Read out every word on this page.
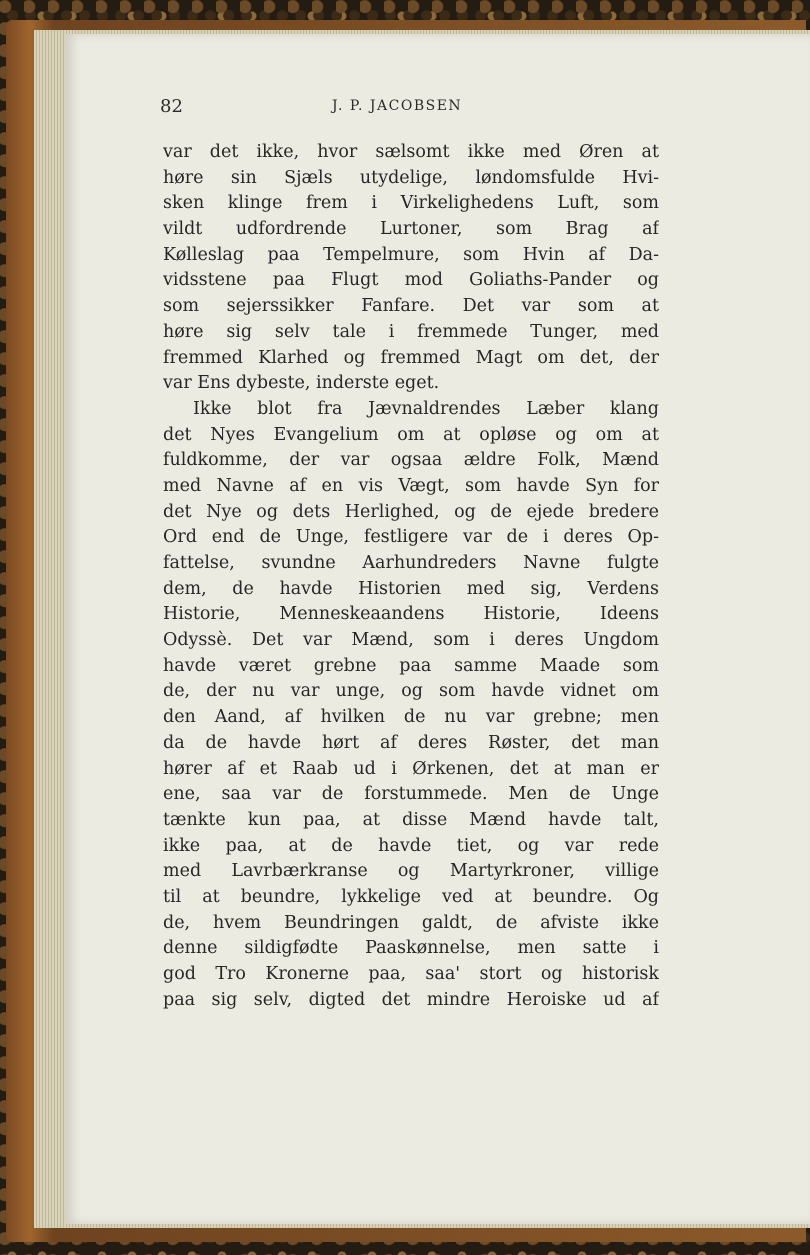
82	J. P. JACOBSEN
var det ikke, hvor sælsomt ikke med Øren at
høre sin Sjæls utydelige, løndomsfulde Hvi-
sken klinge frem i Virkelighedens Luft, som
vildt udfordrende Lurtoner, som Brag af
Kølleslag paa Tempelmure, som Hvin af Da-
vidsstene paa Flugt mod Goliaths-Pander og
som sejerssikker Fanfare. Det var som at
høre sig selv tale i fremmede Tunger, med
fremmed Klarhed og fremmed Magt om det, der
var Ens dybeste, inderste eget.
Ikke blot fra Jævnaldrendes Læber klang
det Nyes Evangelium om at opløse og om at
fuldkomme, der var ogsaa ældre Folk, Mænd
med Navne af en vis Vægt, som havde Syn for
det Nye og dets Herlighed, og de ejede bredere
Ord end de Unge, festligere var de i deres Op-
fattelse, svundne Aarhundreders Navne fulgte
dem, de havde Historien med sig, Verdens
Historie, Menneskeaandens Historie, Ideens
Odyssè. Det var Mænd, som i deres Ungdom
havde været grebne paa samme Maade som
de, der nu var unge, og som havde vidnet om
den Aand, af hvilken de nu var grebne; men
da de havde hørt af deres Røster, det man
hører af et Raab ud i Ørkenen, det at man er
ene, saa var de forstummede. Men de Unge
tænkte kun paa, at disse Mænd havde talt,
ikke paa, at de havde tiet, og var rede
med Lavrbærkranse og Martyrkroner, villige
til at beundre, lykkelige ved at beundre. Og
de, hvem Beundringen galdt, de afviste ikke
denne sildigfødte Paaskønnelse, men satte i
god Tro Kronerne paa, saa' stort og historisk
paa sig selv, digted det mindre Heroiske ud af
